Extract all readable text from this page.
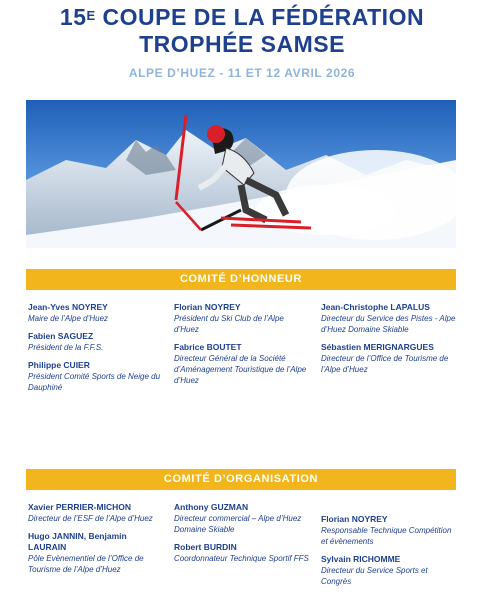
$15^E$ COUPE DE LA FÉDÉRATION
TROPHÉE SAMSE
ALPE D’HUEZ - 11 ET 12 AVRIL 2026
COMITÉ D’HONNEUR
Jean-Yves NOYREY
Maire de l’Alpe d’Huez
Fabien SAGUEZ
Président de la F.F.S.
Philippe CUIER
Président Comité Sports de Neige du Dauphiné
Florian NOYREY
Président du Ski Club de l’Alpe d’Huez
Fabrice BOUTET
Directeur Général de la Société d’Aménagement Touristique de l’Alpe d’Huez
Jean-Christophe LAPALUS
Directeur du Service des Pistes - Alpe d’Huez Domaine Skiable
Sébastien MERIGNARGUES
Directeur de l’Office de Tourisme de l’Alpe d’Huez
COMITÉ D’ORGANISATION
Xavier PERRIER-MICHON
Directeur de l’ESF de l’Alpe d’Huez
Hugo JANNIN, Benjamin LAURAIN
Pôle Evènementiel de l’Office de Tourisme de l’Alpe d’Huez
Anthony GUZMAN
Directeur commercial – Alpe d’Huez Domaine Skiable
Robert BURDIN
Coordonnateur Technique Sportif FFS
Florian NOYREY
Responsable Technique Compétition et évènements
Sylvain RICHOMME
Directeur du Service Sports et Congrès
